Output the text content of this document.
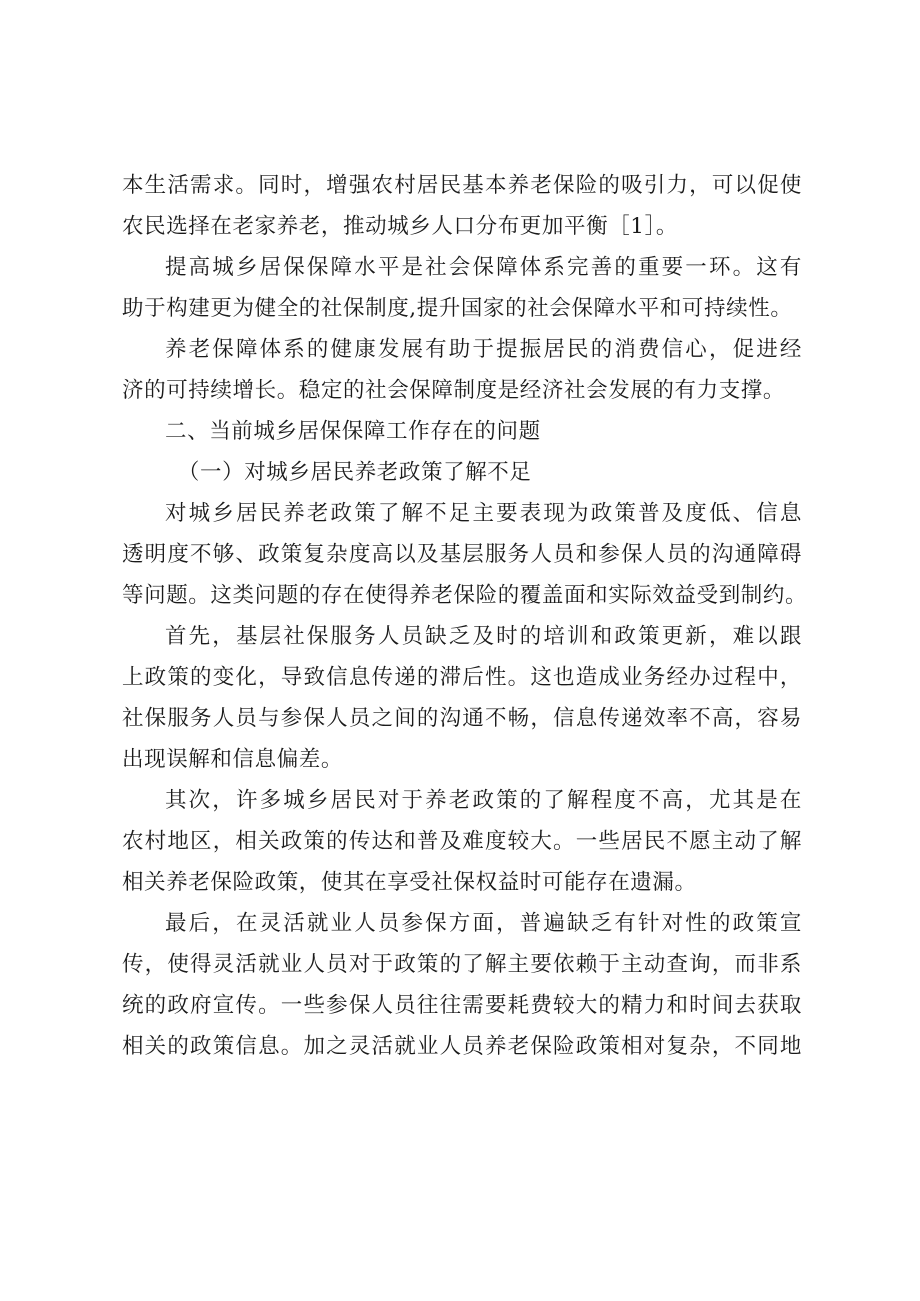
本生活需求。同时，增强农村居民基本养老保险的吸引力，可以促使
农民选择在老家养老，推动城乡人口分布更加平衡［1］。
提高城乡居保保障水平是社会保障体系完善的重要一环。这有
助于构建更为健全的社保制度,提升国家的社会保障水平和可持续性。
养老保障体系的健康发展有助于提振居民的消费信心，促进经
济的可持续增长。稳定的社会保障制度是经济社会发展的有力支撑。
二、当前城乡居保保障工作存在的问题
（一）对城乡居民养老政策了解不足
对城乡居民养老政策了解不足主要表现为政策普及度低、信息
透明度不够、政策复杂度高以及基层服务人员和参保人员的沟通障碍
等问题。这类问题的存在使得养老保险的覆盖面和实际效益受到制约。
首先，基层社保服务人员缺乏及时的培训和政策更新，难以跟
上政策的变化，导致信息传递的滞后性。这也造成业务经办过程中，
社保服务人员与参保人员之间的沟通不畅，信息传递效率不高，容易
出现误解和信息偏差。
其次，许多城乡居民对于养老政策的了解程度不高，尤其是在
农村地区，相关政策的传达和普及难度较大。一些居民不愿主动了解
相关养老保险政策，使其在享受社保权益时可能存在遗漏。
最后，在灵活就业人员参保方面，普遍缺乏有针对性的政策宣
传，使得灵活就业人员对于政策的了解主要依赖于主动查询，而非系
统的政府宣传。一些参保人员往往需要耗费较大的精力和时间去获取
相关的政策信息。加之灵活就业人员养老保险政策相对复杂，不同地
